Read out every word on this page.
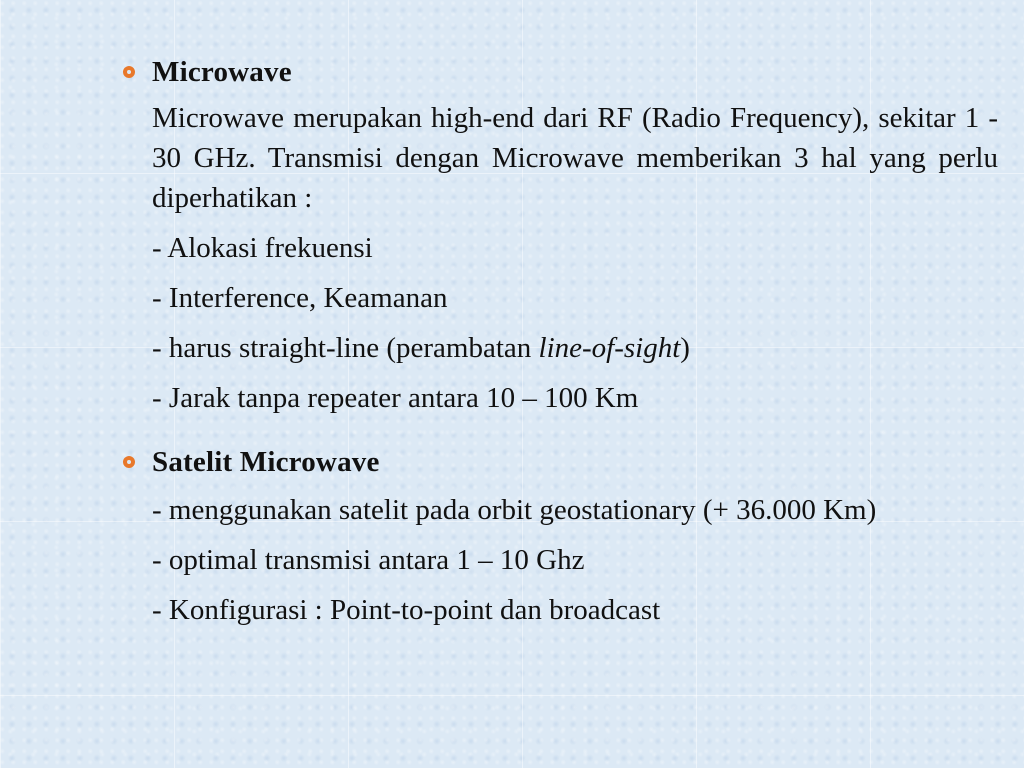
Microwave
Microwave merupakan high-end dari RF (Radio Frequency), sekitar 1 - 30 GHz. Transmisi dengan Microwave memberikan 3 hal yang perlu diperhatikan :
- Alokasi frekuensi
- Interference, Keamanan
- harus straight-line (perambatan line-of-sight)
- Jarak tanpa repeater antara 10 – 100 Km
Satelit Microwave
- menggunakan satelit pada orbit geostationary (+ 36.000 Km)
- optimal transmisi antara 1 – 10 Ghz
- Konfigurasi : Point-to-point dan broadcast
